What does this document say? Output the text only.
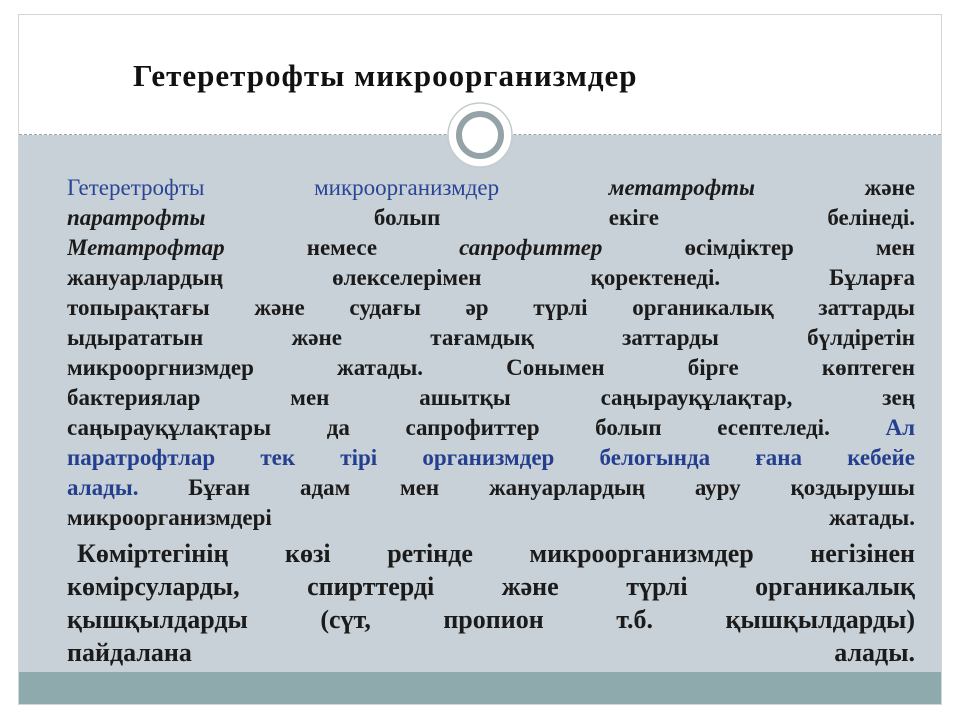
Гетеретрофты микроорганизмдер
Гетеретрофты микроорганизмдер метатрофты және
паратрофты болып екіге белінеді.
Метатрофтар немесе сапрофиттер өсімдіктер мен
жануарлардың өлекселерімен қоректенеді. Бұларға
топырақтағы және судағы әр түрлі органикалық заттарды
ыдырататын және тағамдық заттарды бүлдіретін
микрооргнизмдер жатады. Сонымен бірге көптеген
бактериялар мен ашытқы саңырауқұлақтар, зең
саңырауқұлақтары да сапрофиттер болып есептеледі. Ал
паратрофтлар тек тірі организмдер белогында ғана кебейе
алады. Бұған адам мен жануарлардың ауру қоздырушы
микроорганизмдері жатады.
Көміртегінің көзі ретінде микроорганизмдер негізінен
көмірсуларды, спирттерді және түрлі органикалық
қышқылдарды (сүт, пропион т.б. қышқылдарды)
пайдалана алады.
